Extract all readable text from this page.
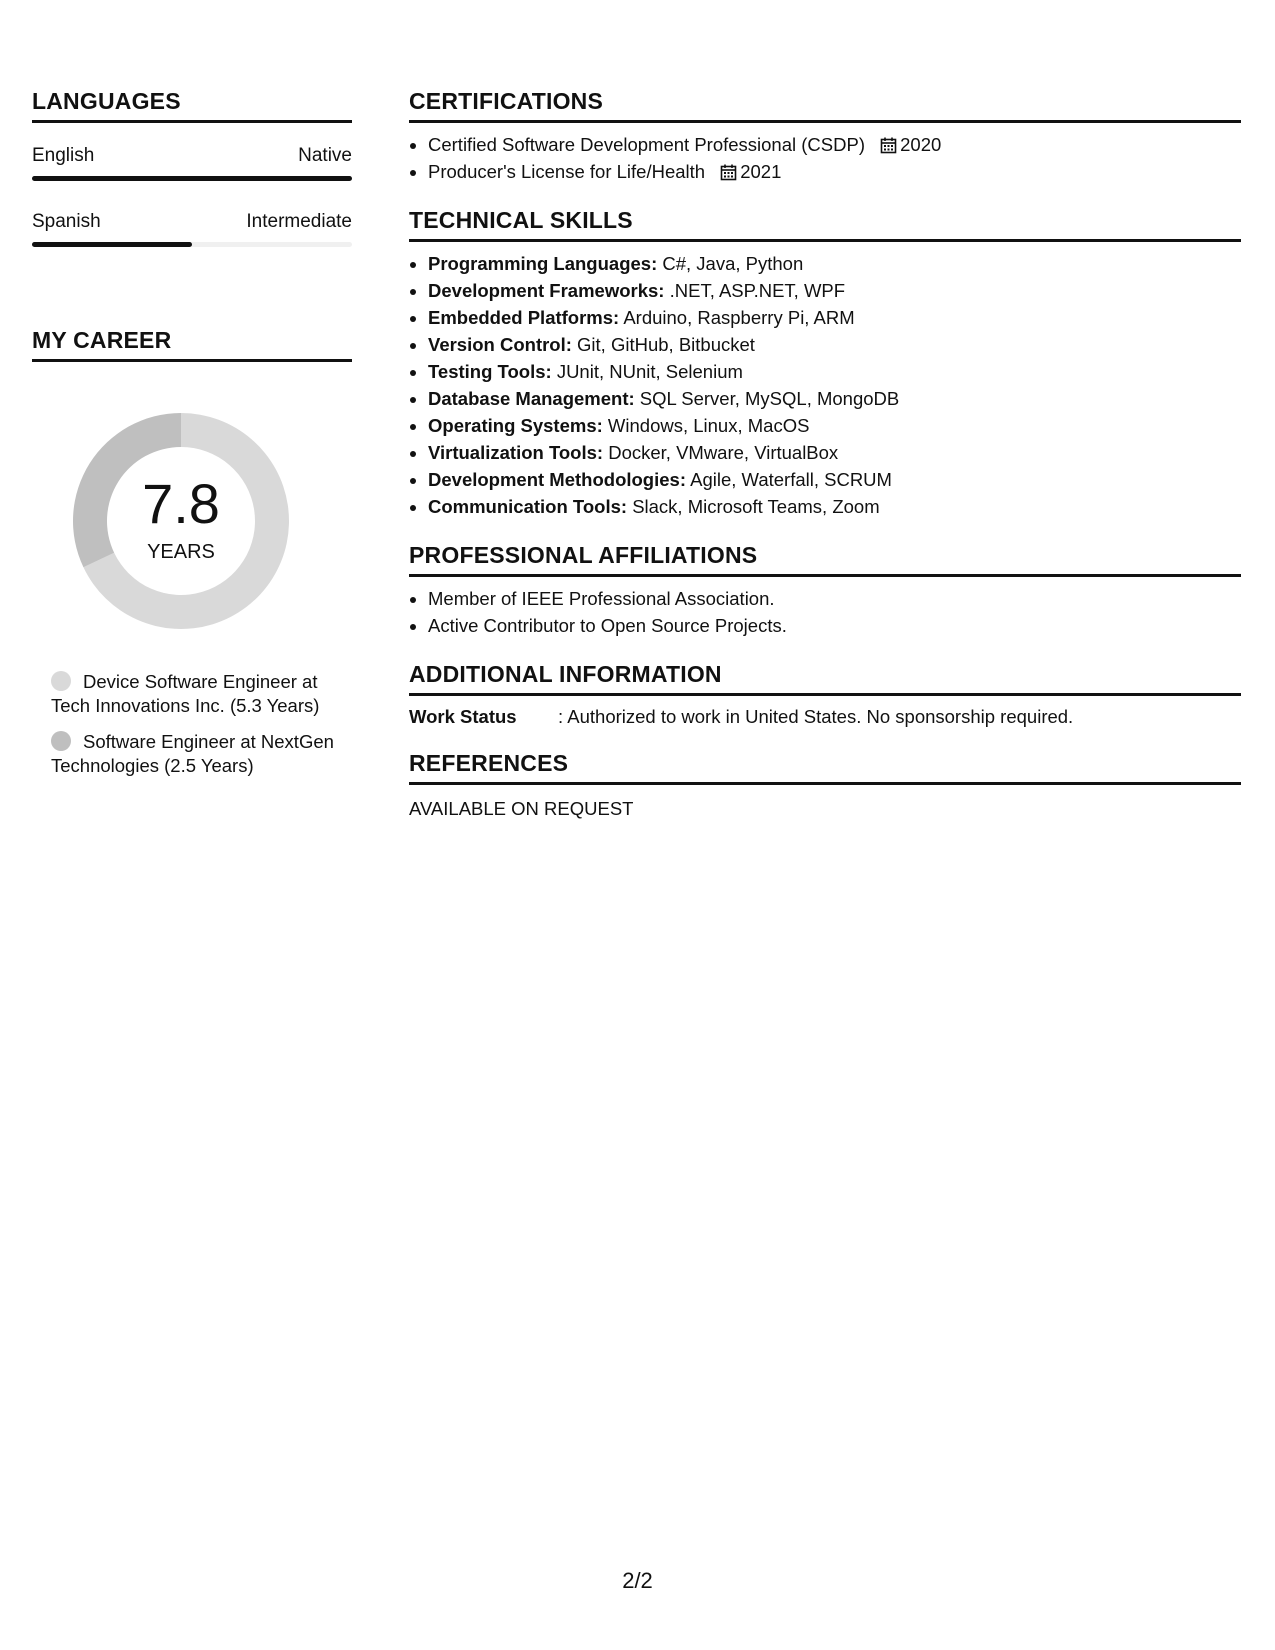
LANGUAGES
English	Native
Spanish	Intermediate
MY CAREER
7.8
YEARS
Device Software Engineer at Tech Innovations Inc. (5.3 Years)
Software Engineer at NextGen Technologies (2.5 Years)
CERTIFICATIONS
• Certified Software Development Professional (CSDP) 2020
• Producer's License for Life/Health 2021
TECHNICAL SKILLS
• Programming Languages: C#, Java, Python
• Development Frameworks: .NET, ASP.NET, WPF
• Embedded Platforms: Arduino, Raspberry Pi, ARM
• Version Control: Git, GitHub, Bitbucket
• Testing Tools: JUnit, NUnit, Selenium
• Database Management: SQL Server, MySQL, MongoDB
• Operating Systems: Windows, Linux, MacOS
• Virtualization Tools: Docker, VMware, VirtualBox
• Development Methodologies: Agile, Waterfall, SCRUM
• Communication Tools: Slack, Microsoft Teams, Zoom
PROFESSIONAL AFFILIATIONS
• Member of IEEE Professional Association.
• Active Contributor to Open Source Projects.
ADDITIONAL INFORMATION
Work Status	: Authorized to work in United States. No sponsorship required.
REFERENCES
AVAILABLE ON REQUEST
2/2
